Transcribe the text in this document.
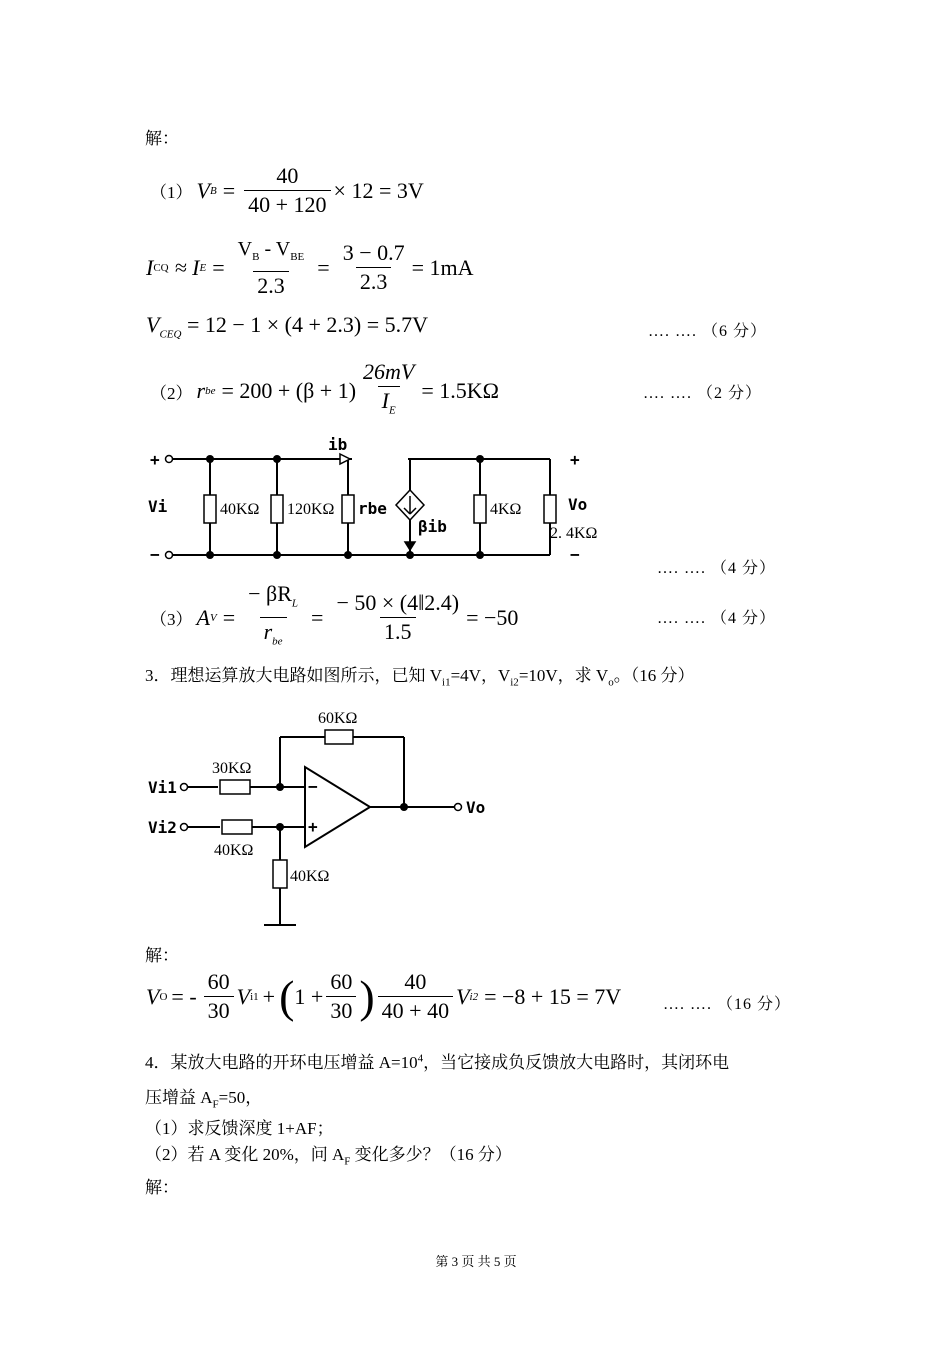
解：
（1） V $B = \frac{40}{40 + 120} \times 12 = 3V$
I CQ ≈ I $E = \frac{V_B - V_{BE}}{2.3} = \frac{3 - 0.7}{2.3} = 1mA$
$V_{CEQ} = 12 - 1 \times (4 + 2.3) = 5.7V$	…. …. （6 分）
（2） r be = $200 + (\beta + 1) \frac{26mV}{I_E} = 1.5K\Omega$	…. …. （2 分）
+
−
Vi
ib
40KΩ 120KΩ rbe
βib
4KΩ	Vo
2. 4KΩ
+
−
…. …. （4 分）
（3） A $V = \frac{- \beta R_L}{r_{be}} = \frac{- 50 \times (4‖2.4)}{1.5} = -50$	…. …. （4 分）
3．理想运算放大电路如图所示，已知 $V_{i1}=4V$，$V_{i2}=10V$，求 $V_o$。（16 分）
60KΩ
30KΩ
Vi1
Vi2
40KΩ
40KΩ
−
+
Vo
解：
V O = - $\frac{60}{30}$ V i1 + ( $1 + \frac{60}{30}$ ) $\frac{40}{40 + 40}$ V i2 = −8 + 15 = 7V	…. …. （16 分）
4．某放大电路的开环电压增益 $A=10^4$，当它接成负反馈放大电路时，其闭环电
压增益 $A_F=50$，
（1）求反馈深度 1+AF；
（2）若 A 变化 20%，问 $A_F$ 变化多少？（16 分）
解：
第 3 页 共 5 页
